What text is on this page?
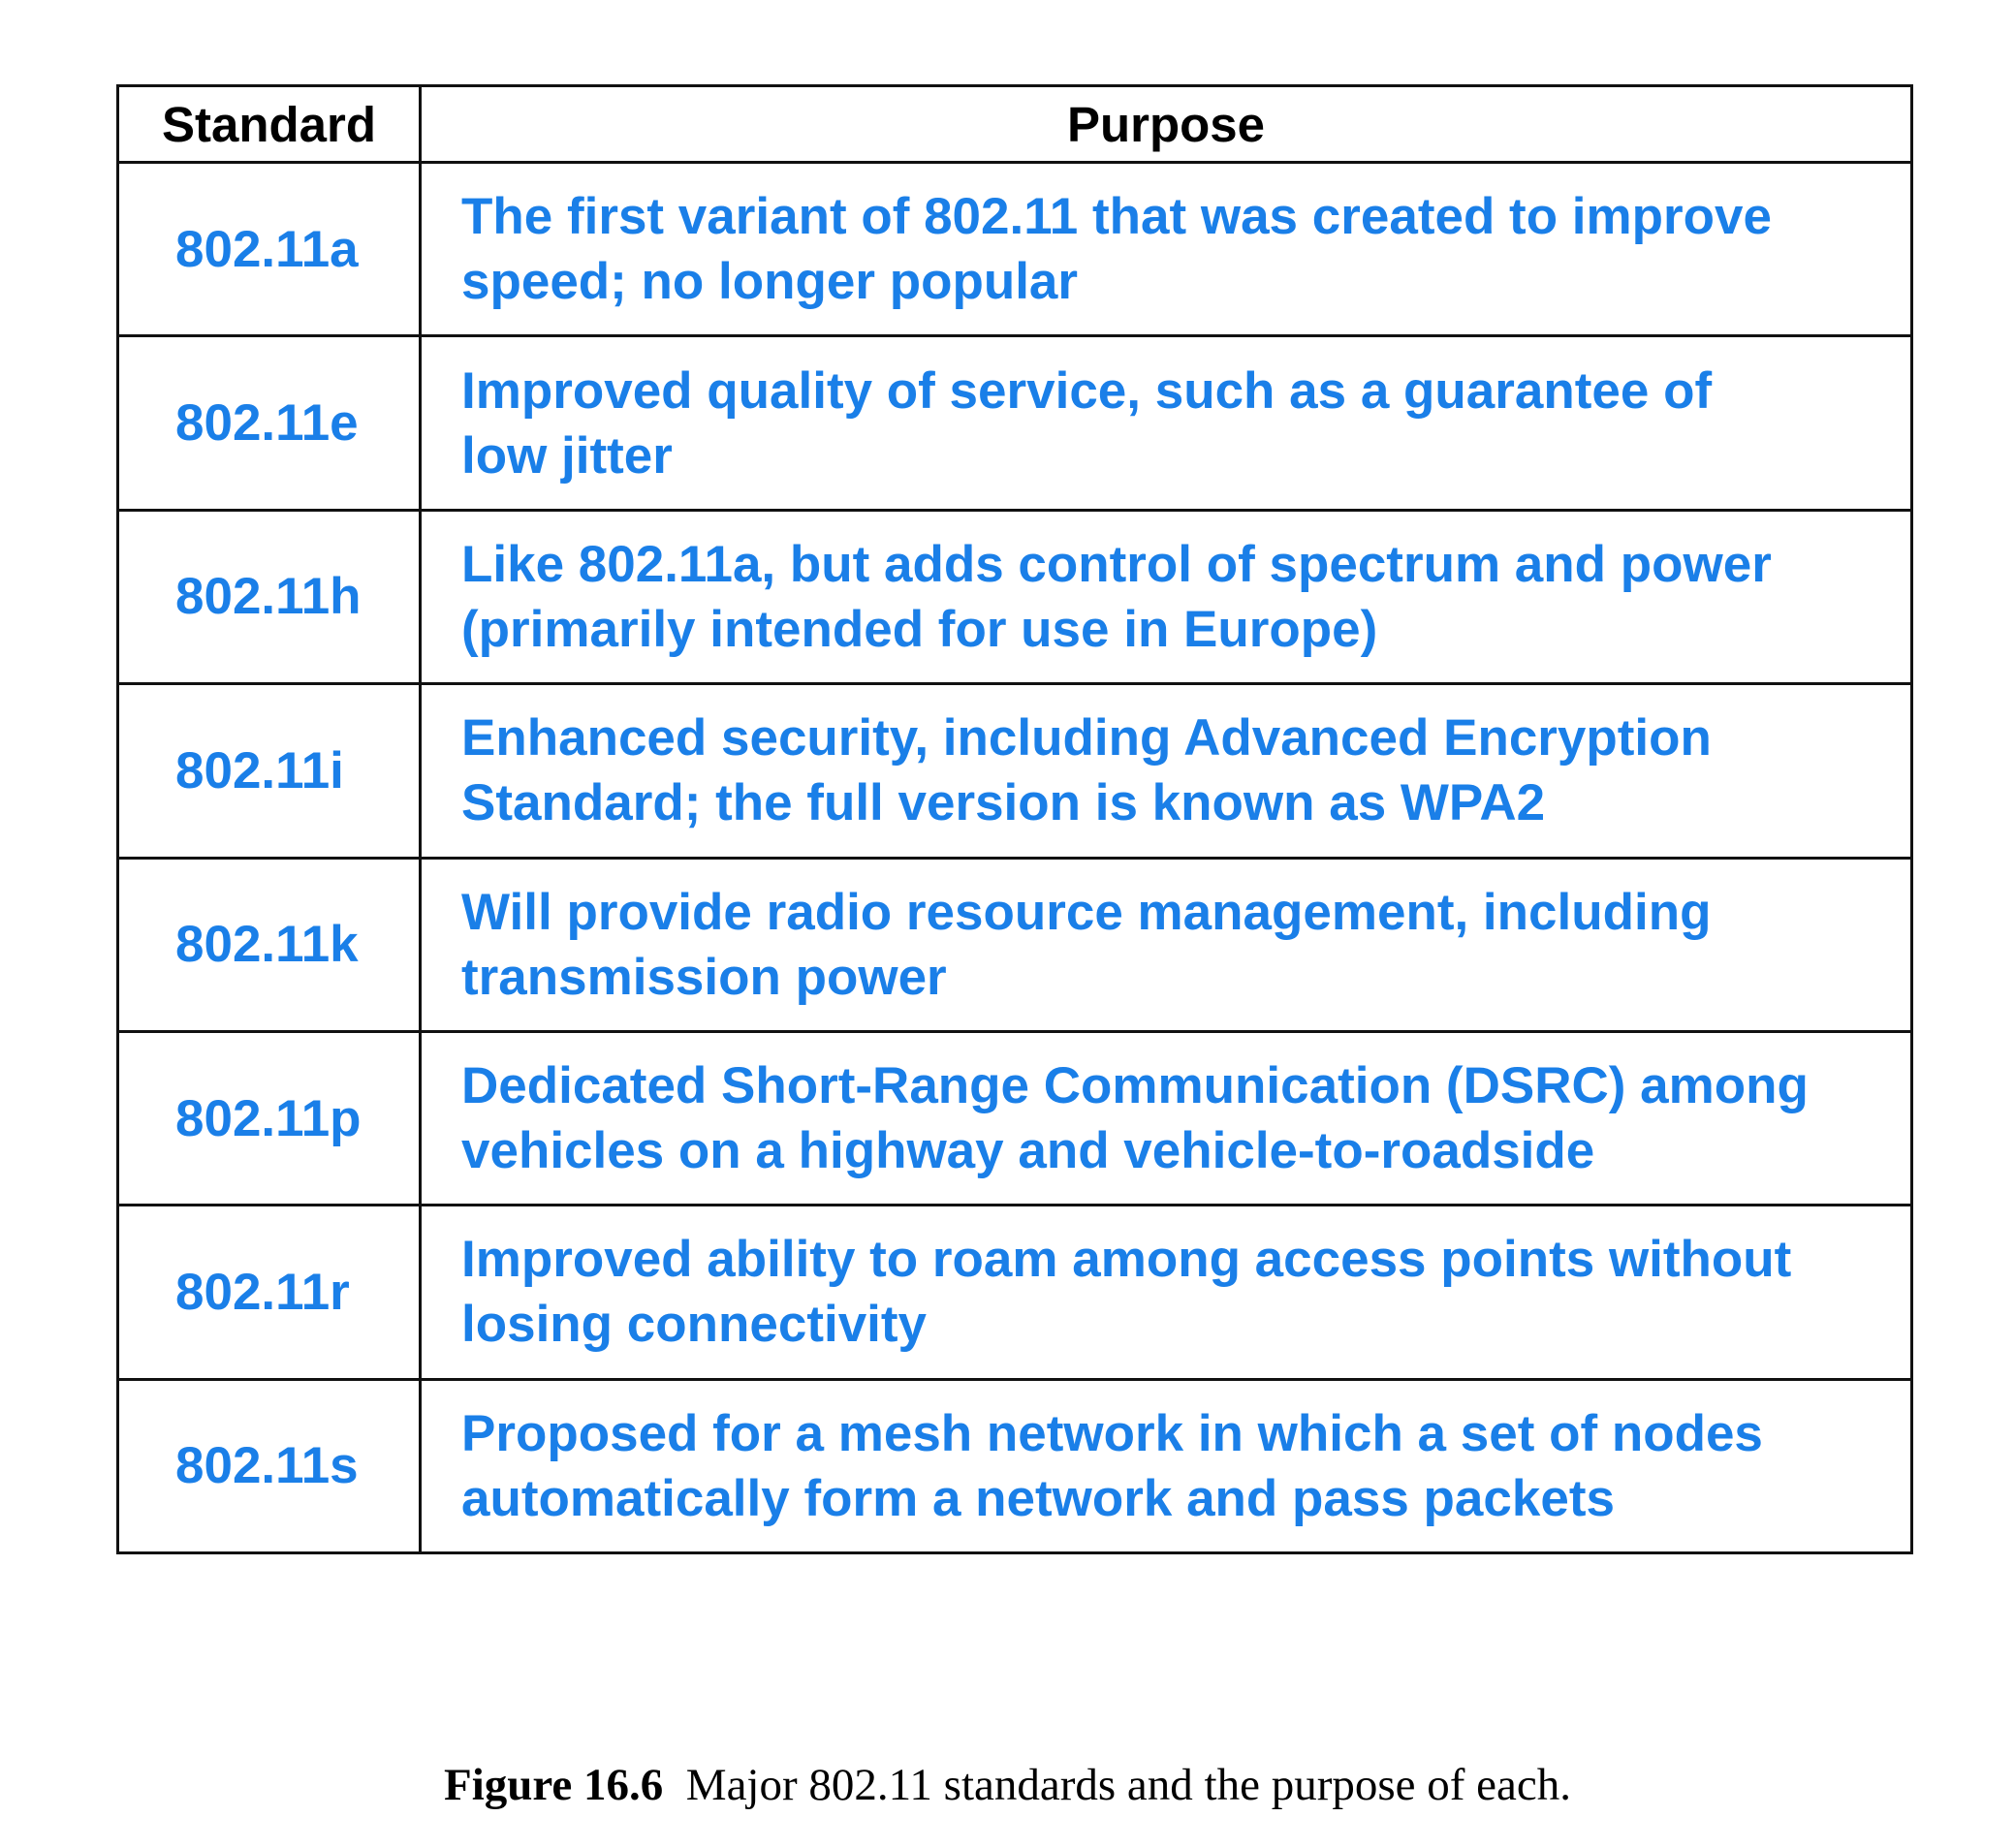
Standard	Purpose
802.11a	The first variant of 802.11 that was created to improve
speed; no longer popular
802.11e	Improved quality of service, such as a guarantee of
low jitter
802.11h	Like 802.11a, but adds control of spectrum and power
(primarily intended for use in Europe)
802.11i	Enhanced security, including Advanced Encryption
Standard; the full version is known as WPA2
802.11k	Will provide radio resource management, including
transmission power
802.11p	Dedicated Short-Range Communication (DSRC) among
vehicles on a highway and vehicle-to-roadside
802.11r	Improved ability to roam among access points without
losing connectivity
802.11s	Proposed for a mesh network in which a set of nodes
automatically form a network and pass packets
Figure 16.6 Major 802.11 standards and the purpose of each.
